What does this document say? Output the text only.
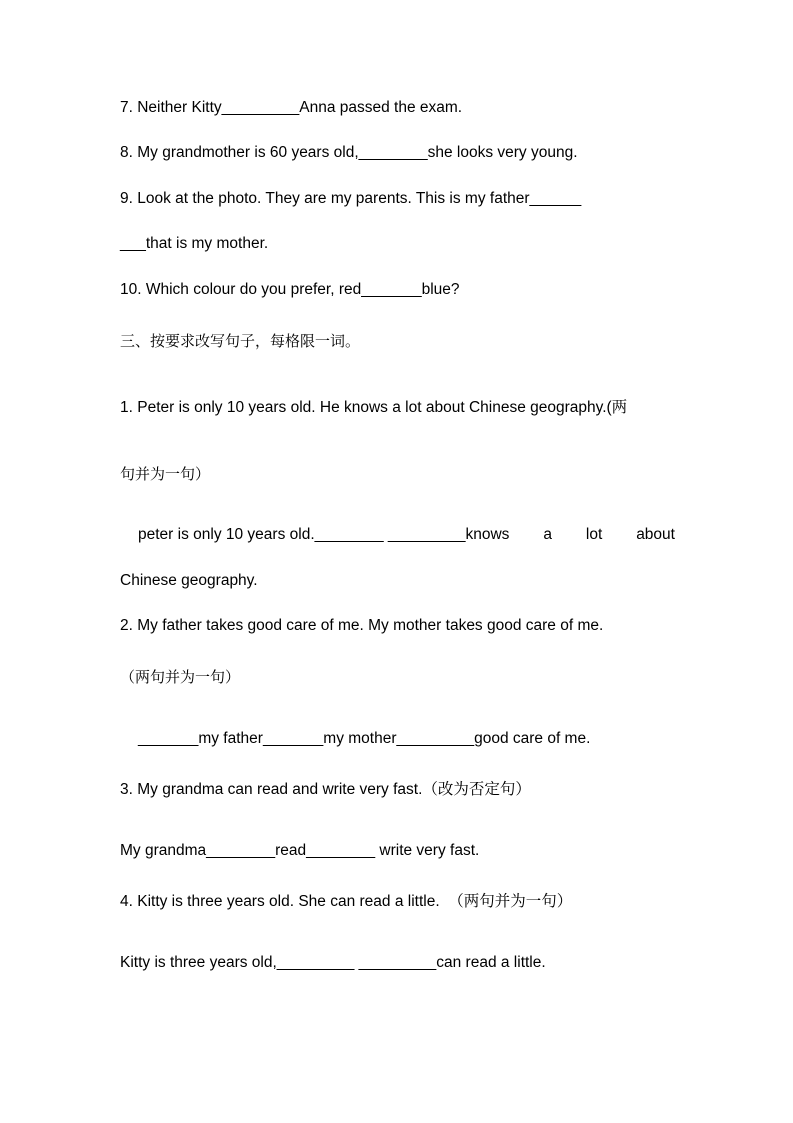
7. Neither Kitty_________Anna passed the exam.
8. My grandmother is 60 years old,________she looks very young.
9. Look at the photo. They are my parents. This is my father______
___that is my mother.
10. Which colour do you prefer, red_______blue?
三、按要求改写句子，每格限一词。
1. Peter is only 10 years old. He knows a lot about Chinese geography.(两
句并为一句）
peter is only 10 years old.________ _________knows a lot about
Chinese geography.
2. My father takes good care of me. My mother takes good care of me.
（两句并为一句）
_______my father_______my mother_________good care of me.
3. My grandma can read and write very fast.（改为否定句）
My grandma________read________ write very fast.
4. Kitty is three years old. She can read a little.  （两句并为一句）
Kitty is three years old,_________ _________can read a little.
